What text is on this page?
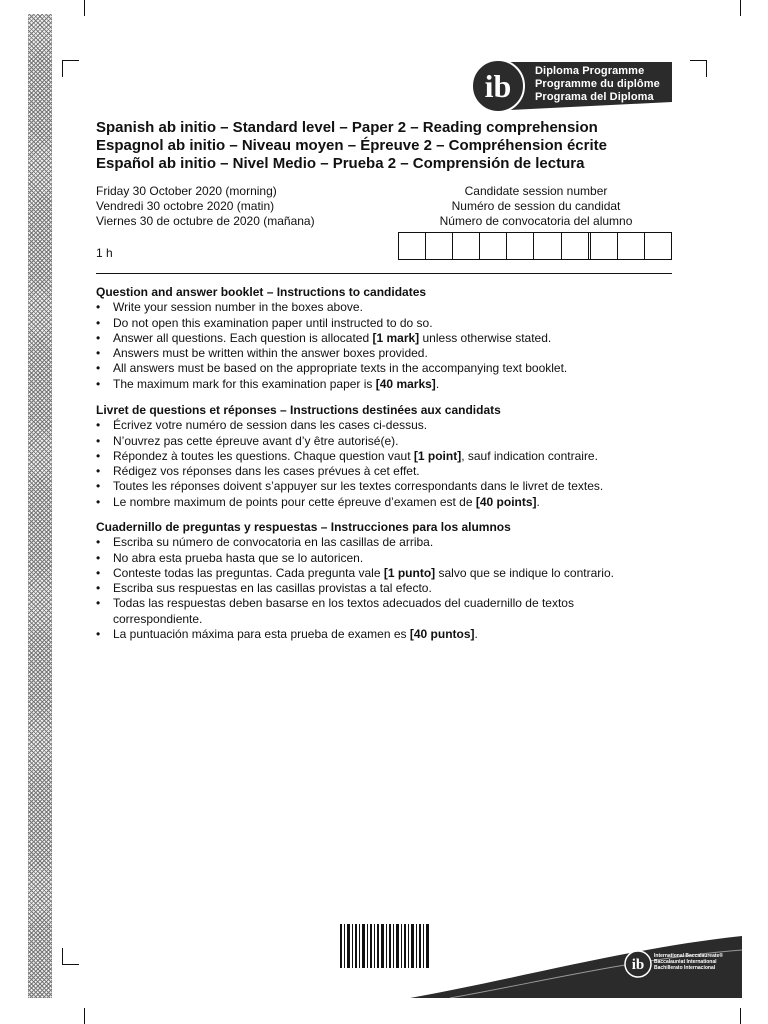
ib Diploma Programme
Programme du diplôme
Programa del Diploma
Spanish ab initio – Standard level – Paper 2 – Reading comprehension
Espagnol ab initio – Niveau moyen – Épreuve 2 – Compréhension écrite
Español ab initio – Nivel Medio – Prueba 2 – Comprensión de lectura
Friday 30 October 2020 (morning)
Vendredi 30 octobre 2020 (matin)
Viernes 30 de octubre de 2020 (mañana)
1 h
Candidate session number
Numéro de session du candidat
Número de convocatoria del alumno
Question and answer booklet – Instructions to candidates
• Write your session number in the boxes above.
• Do not open this examination paper until instructed to do so.
• Answer all questions. Each question is allocated [1 mark] unless otherwise stated.
• Answers must be written within the answer boxes provided.
• All answers must be based on the appropriate texts in the accompanying text booklet.
• The maximum mark for this examination paper is [40 marks].
Livret de questions et réponses – Instructions destinées aux candidats
• Écrivez votre numéro de session dans les cases ci-dessus.
• N’ouvrez pas cette épreuve avant d’y être autorisé(e).
• Répondez à toutes les questions. Chaque question vaut [1 point], sauf indication contraire.
• Rédigez vos réponses dans les cases prévues à cet effet.
• Toutes les réponses doivent s’appuyer sur les textes correspondants dans le livret de textes.
• Le nombre maximum de points pour cette épreuve d’examen est de [40 points].
Cuadernillo de preguntas y respuestas – Instrucciones para los alumnos
• Escriba su número de convocatoria en las casillas de arriba.
• No abra esta prueba hasta que se lo autoricen.
• Conteste todas las preguntas. Cada pregunta vale [1 punto] salvo que se indique lo contrario.
• Escriba sus respuestas en las casillas provistas a tal efecto.
• Todas las respuestas deben basarse en los textos adecuados del cuadernillo de textos correspondiente.
• La puntuación máxima para esta prueba de examen es [40 puntos].
ib
International Baccalaureate®
Baccalauréat International
Bachillerato Internacional
